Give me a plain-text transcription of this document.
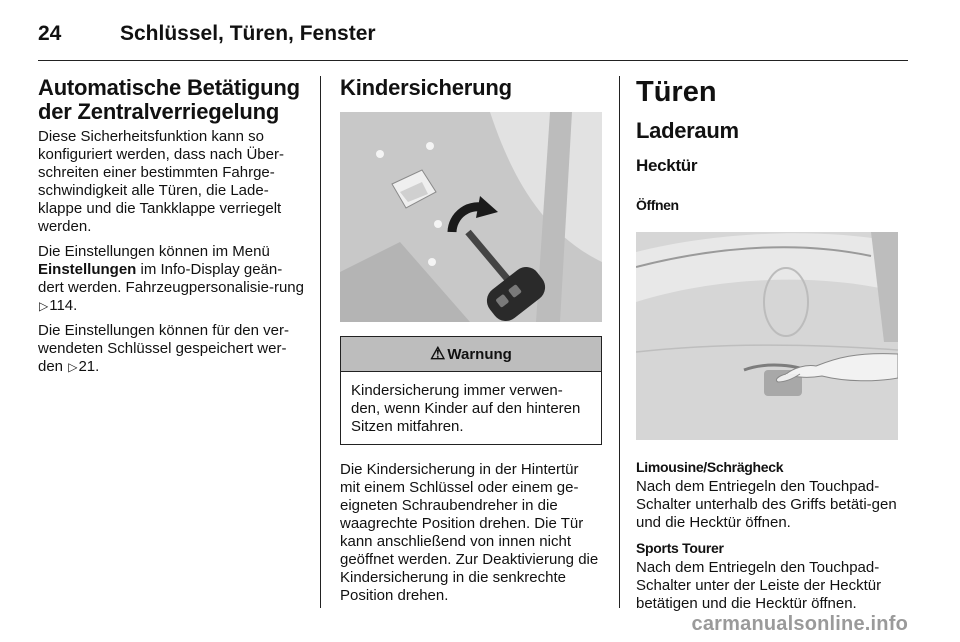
24	Schlüssel, Türen, Fenster
Automatische Betätigung der Zentralverriegelung

Diese Sicherheitsfunktion kann so konfiguriert werden, dass nach Über-schreiten einer bestimmten Fahrge-schwindigkeit alle Türen, die Lade-klappe und die Tankklappe verriegelt werden.

Die Einstellungen können im Menü
Einstellungen im Info-Display geän-dert werden. Fahrzeugpersonalisie-rung ▷114.

Die Einstellungen können für den ver-wendeten Schlüssel gespeichert wer-den ▷21.

Kindersicherung
⚠ Warnung
Kindersicherung immer verwen-den, wenn Kinder auf den hinteren Sitzen mitfahren.

Die Kindersicherung in der Hintertür mit einem Schlüssel oder einem ge-eigneten Schraubendreher in die waagrechte Position drehen. Die Tür kann anschließend von innen nicht geöffnet werden. Zur Deaktivierung die Kindersicherung in die senkrechte Position drehen.

Türen
Laderaum
Hecktür
Öffnen
Limousine/Schrägheck

Nach dem Entriegeln den Touchpad-Schalter unterhalb des Griffs betäti-gen und die Hecktür öffnen.

Sports Tourer

Nach dem Entriegeln den Touchpad-Schalter unter der Leiste der Hecktür betätigen und die Hecktür öffnen.

carmanualsonline.info
